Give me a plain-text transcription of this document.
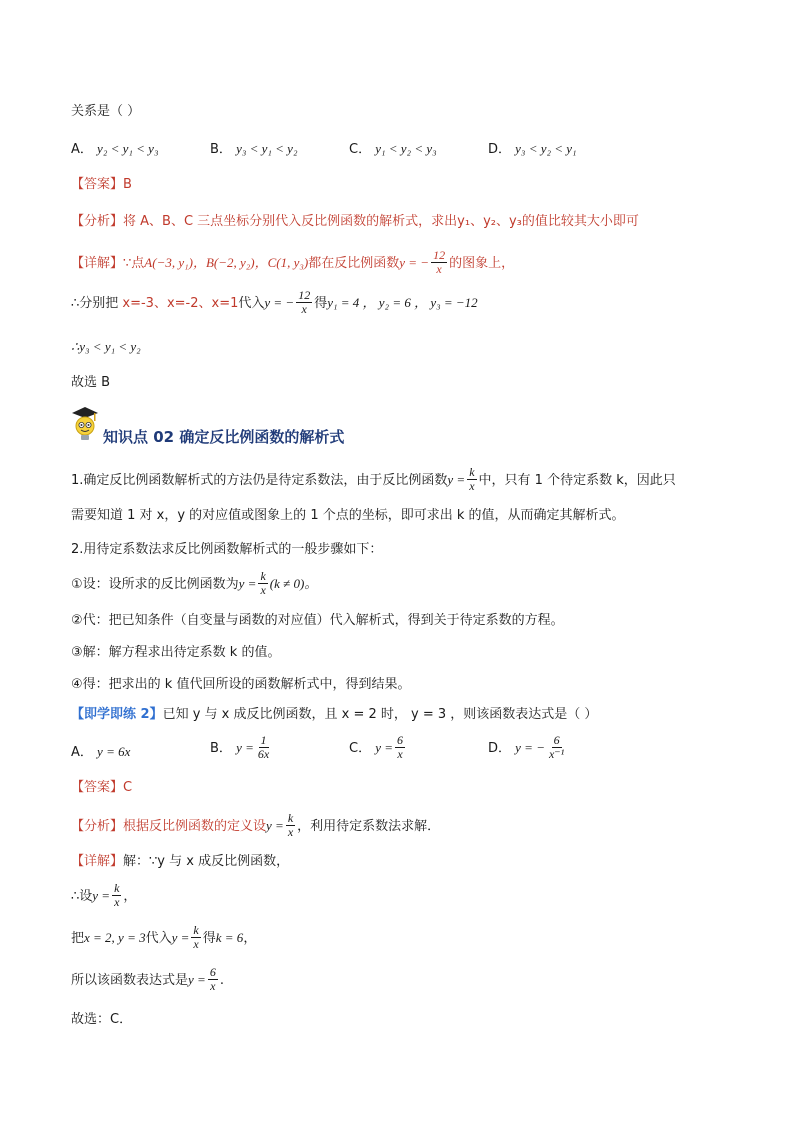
关系是（ ）
A． y₂ < y₁ < y₃	B． y₃ < y₁ < y₂	C． y₁ < y₂ < y₃	D． y₃ < y₂ < y₁
【答案】B
【分析】将 A、B、C 三点坐标分别代入反比例函数的解析式，求出y₁、y₂、y₃的值比较其大小即可
【详解】∵点A(−3, y₁)，B(−2, y₂)，C(1, y₃)都在反比例函数y = − $\frac{12}{x}$ 的图象上，
∴分别把 x=-3、x=-2、x=1代入y = − $\frac{12}{x}$ 得y₁ = 4 ， y₂ = 6 ， y₃ = −12
∴y₃ < y₁ < y₂
故选 B
知识点 02 确定反比例函数的解析式
1.确定反比例函数解析式的方法仍是待定系数法，由于反比例函数$y = \frac{k}{x}$ 中，只有 1 个待定系数 k，因此只
需要知道 1 对 x，y 的对应值或图象上的 1 个点的坐标，即可求出 k 的值，从而确定其解析式。
2.用待定系数法求反比例函数解析式的一般步骤如下：
①设：设所求的反比例函数为$y = \frac{k}{x} (k \ne 0)$。
②代：把已知条件（自变量与函数的对应值）代入解析式，得到关于待定系数的方程。
③解：解方程求出待定系数 k 的值。
④得：把求出的 k 值代回所设的函数解析式中，得到结果。
【即学即练 2】已知 y 与 x 成反比例函数，且 x = 2 时， y = 3 ，则该函数表达式是（ ）
A． y = 6x	B． $y = \frac{1}{6x}$	C． $y = \frac{6}{x}$	D． y = − $\frac{6}{\text{x⁻¹}}$
【答案】C
【分析】根据反比例函数的定义设$y = \frac{k}{x}$ ，利用待定系数法求解．
【详解】解：∵y 与 x 成反比例函数，
∴设$y = \frac{k}{x}$ ，
把x = 2, y = 3代入$y = \frac{k}{x}$ 得k = 6，
所以该函数表达式是$y = \frac{6}{x}$ .
故选：C．
